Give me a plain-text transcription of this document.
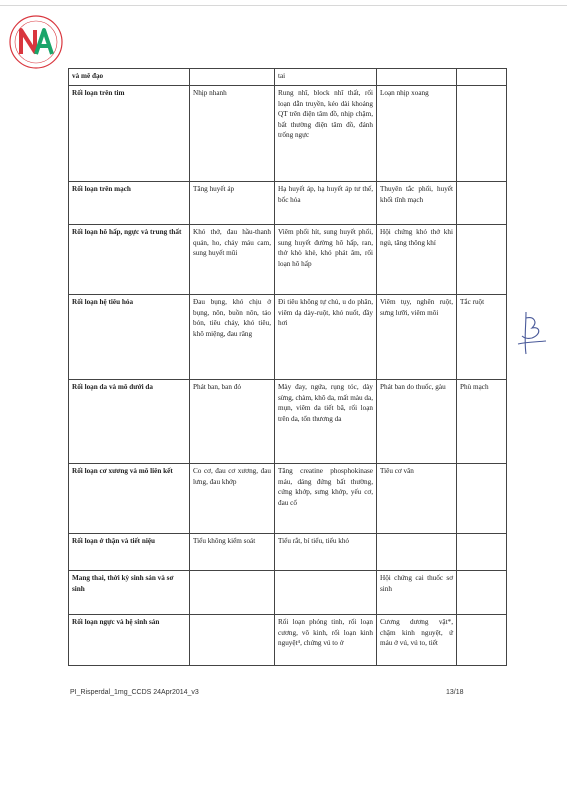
và mê đạo		tai		
Rối loạn trên tim	Nhịp nhanh	Rung nhĩ, block nhĩ thất, rối loạn dẫn truyền, kéo dài khoảng QT trên điện tâm đồ, nhịp chậm, bất thường điện tâm đồ, đánh trống ngực	Loạn nhịp xoang	
Rối loạn trên mạch	Tăng huyết áp	Hạ huyết áp, hạ huyết áp tư thế, bốc hỏa	Thuyên tắc phổi, huyết khối tĩnh mạch	
Rối loạn hô hấp, ngực và trung thất	Khó thở, đau hầu-thanh quản, ho, chảy máu cam, sung huyết mũi	Viêm phổi hít, sung huyết phổi, sung huyết đường hô hấp, ran, thở khò khè, khó phát âm, rối loạn hô hấp	Hội chứng khó thở khi ngủ, tăng thông khí	
Rối loạn hệ tiêu hóa	Đau bụng, khó chịu ở bụng, nôn, buồn nôn, táo bón, tiêu chảy, khó tiêu, khô miệng, đau răng	Đi tiêu không tự chủ, u do phân, viêm dạ dày-ruột, khó nuốt, đầy hơi	Viêm tụy, nghẽn ruột, sưng lưỡi, viêm môi	Tắc ruột
Rối loạn da và mô dưới da	Phát ban, ban đỏ	Mày đay, ngứa, rụng tóc, dày sừng, chàm, khô da, mất màu da, mụn, viêm da tiết bã, rối loạn trên da, tổn thương da	Phát ban do thuốc, gàu	Phù mạch
Rối loạn cơ xương và mô liên kết	Co cơ, đau cơ xương, đau lưng, đau khớp	Tăng creatine phosphokinase máu, dáng đứng bất thường, cứng khớp, sưng khớp, yếu cơ, đau cổ	Tiêu cơ vân	
Rối loạn ở thận và tiết niệu	Tiểu không kiểm soát	Tiểu rắt, bí tiểu, tiểu khó		
Mang thai, thời kỳ sinh sản và sơ sinh			Hội chứng cai thuốc sơ sinh	
Rối loạn ngực và hệ sinh sản		Rối loạn phóng tinh, rối loạn cương, vô kinh, rối loạn kinh nguyệt⁴, chứng vú to ở	Cương dương vật*, chậm kinh nguyệt, ứ máu ở vú, vú to, tiết	
PI_Risperdal_1mg_CCDS 24Apr2014_v3	13/18
